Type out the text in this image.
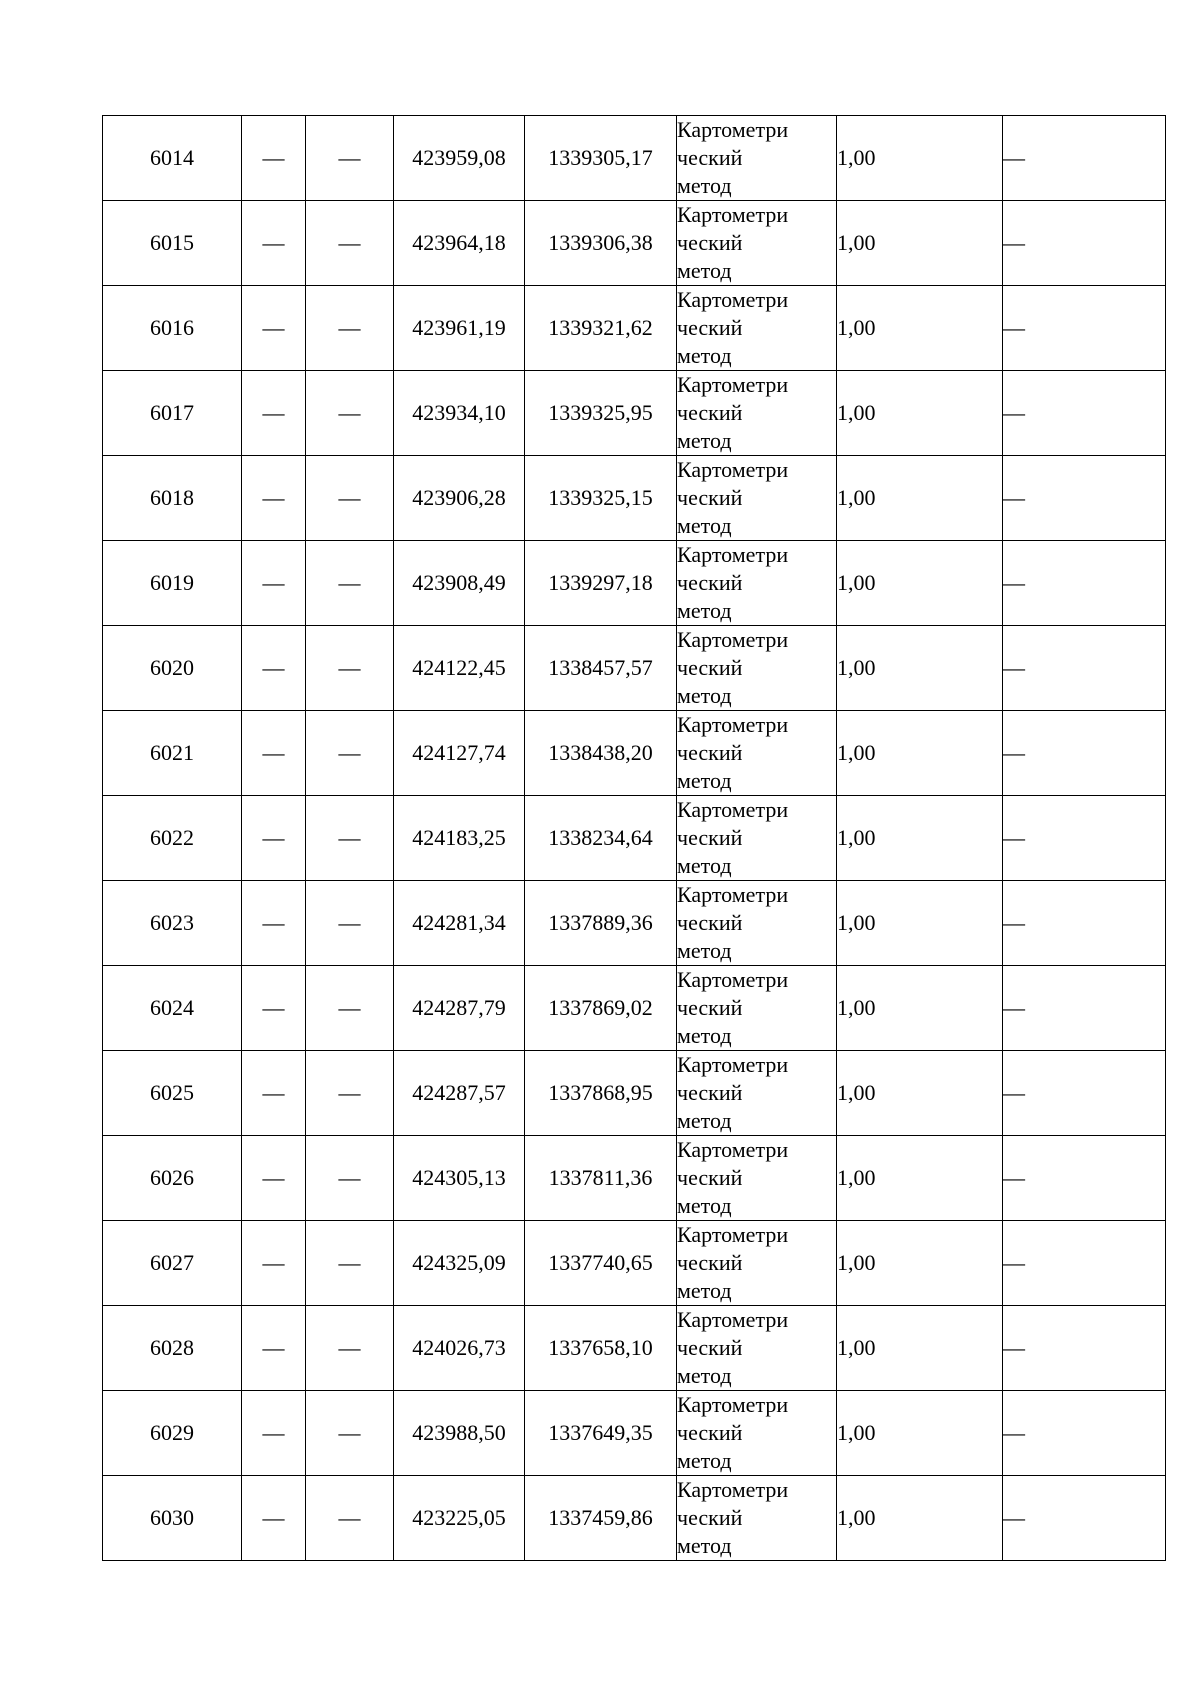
6014	—	—	423959,08	1339305,17	Картометри
ческий
метод	1,00	—
6015	—	—	423964,18	1339306,38	Картометри
ческий
метод	1,00	—
6016	—	—	423961,19	1339321,62	Картометри
ческий
метод	1,00	—
6017	—	—	423934,10	1339325,95	Картометри
ческий
метод	1,00	—
6018	—	—	423906,28	1339325,15	Картометри
ческий
метод	1,00	—
6019	—	—	423908,49	1339297,18	Картометри
ческий
метод	1,00	—
6020	—	—	424122,45	1338457,57	Картометри
ческий
метод	1,00	—
6021	—	—	424127,74	1338438,20	Картометри
ческий
метод	1,00	—
6022	—	—	424183,25	1338234,64	Картометри
ческий
метод	1,00	—
6023	—	—	424281,34	1337889,36	Картометри
ческий
метод	1,00	—
6024	—	—	424287,79	1337869,02	Картометри
ческий
метод	1,00	—
6025	—	—	424287,57	1337868,95	Картометри
ческий
метод	1,00	—
6026	—	—	424305,13	1337811,36	Картометри
ческий
метод	1,00	—
6027	—	—	424325,09	1337740,65	Картометри
ческий
метод	1,00	—
6028	—	—	424026,73	1337658,10	Картометри
ческий
метод	1,00	—
6029	—	—	423988,50	1337649,35	Картометри
ческий
метод	1,00	—
6030	—	—	423225,05	1337459,86	Картометри
ческий
метод	1,00	—
